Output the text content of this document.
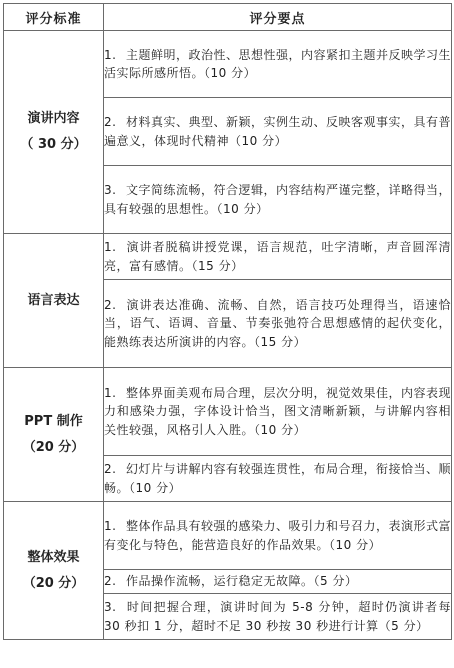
评分标准	评分要点

演讲内容
（ 30 分）	1. 主题鲜明，政治性、思想性强，内容紧扣主题并反映学习生活实际所感所悟。（10 分）
	2. 材料真实、典型、新颖，实例生动、反映客观事实，具有普遍意义，体现时代精神（10 分）
	3. 文字简练流畅，符合逻辑，内容结构严谨完整，详略得当，具有较强的思想性。（10 分）

语言表达	1. 演讲者脱稿讲授党课，语言规范，吐字清晰，声音圆浑清亮，富有感情。（15 分）
	2. 演讲表达准确、流畅、自然，语言技巧处理得当，语速恰当，语气、语调、音量、节奏张弛符合思想感情的起伏变化，能熟练表达所演讲的内容。（15 分）

PPT 制作
（20 分）	1. 整体界面美观布局合理，层次分明，视觉效果佳，内容表现力和感染力强，字体设计恰当，图文清晰新颖，与讲解内容相关性较强，风格引人入胜。（10 分）
	2. 幻灯片与讲解内容有较强连贯性，布局合理，衔接恰当、顺畅。（10 分）

整体效果
（20 分）	1. 整体作品具有较强的感染力、吸引力和号召力，表演形式富有变化与特色，能营造良好的作品效果。（10 分）
	2. 作品操作流畅，运行稳定无故障。（5 分）
	3. 时间把握合理，演讲时间为 5-8 分钟，超时仍演讲者每 30 秒扣 1 分，超时不足 30 秒按 30 秒进行计算（5 分）
